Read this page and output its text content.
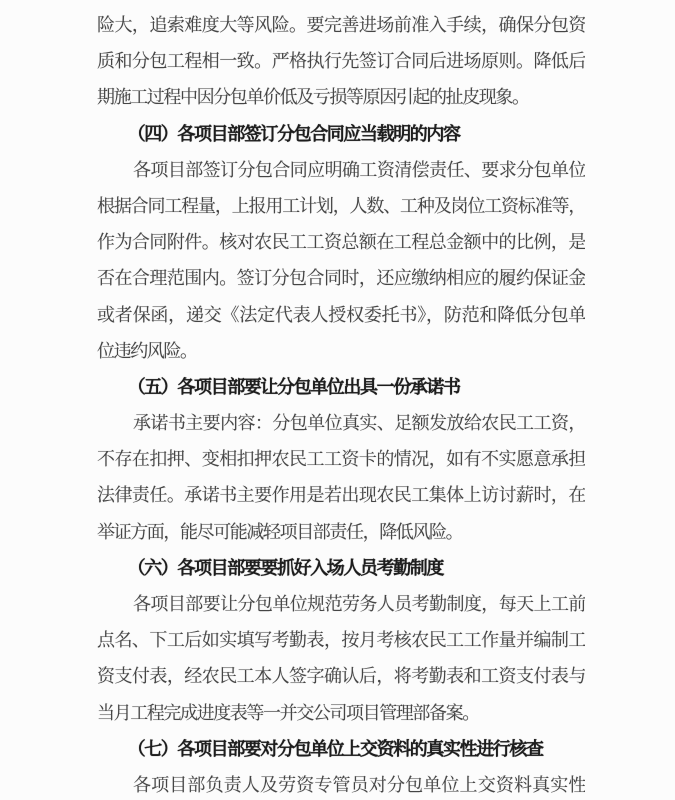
险大，追索难度大等风险。要完善进场前准入手续，确保分包资
质和分包工程相一致。严格执行先签订合同后进场原则。降低后
期施工过程中因分包单价低及亏损等原因引起的扯皮现象。
（四）各项目部签订分包合同应当载明的内容
各项目部签订分包合同应明确工资清偿责任、要求分包单位
根据合同工程量，上报用工计划，人数、工种及岗位工资标准等，
作为合同附件。核对农民工工资总额在工程总金额中的比例，是
否在合理范围内。签订分包合同时，还应缴纳相应的履约保证金
或者保函，递交《法定代表人授权委托书》，防范和降低分包单
位违约风险。
（五）各项目部要让分包单位出具一份承诺书
承诺书主要内容：分包单位真实、足额发放给农民工工资，
不存在扣押、变相扣押农民工工资卡的情况，如有不实愿意承担
法律责任。承诺书主要作用是若出现农民工集体上访讨薪时，在
举证方面，能尽可能减轻项目部责任，降低风险。
（六）各项目部要要抓好入场人员考勤制度
各项目部要让分包单位规范劳务人员考勤制度，每天上工前
点名、下工后如实填写考勤表，按月考核农民工工作量并编制工
资支付表，经农民工本人签字确认后，将考勤表和工资支付表与
当月工程完成进度表等一并交公司项目管理部备案。
（七）各项目部要对分包单位上交资料的真实性进行核查
各项目部负责人及劳资专管员对分包单位上交资料真实性
